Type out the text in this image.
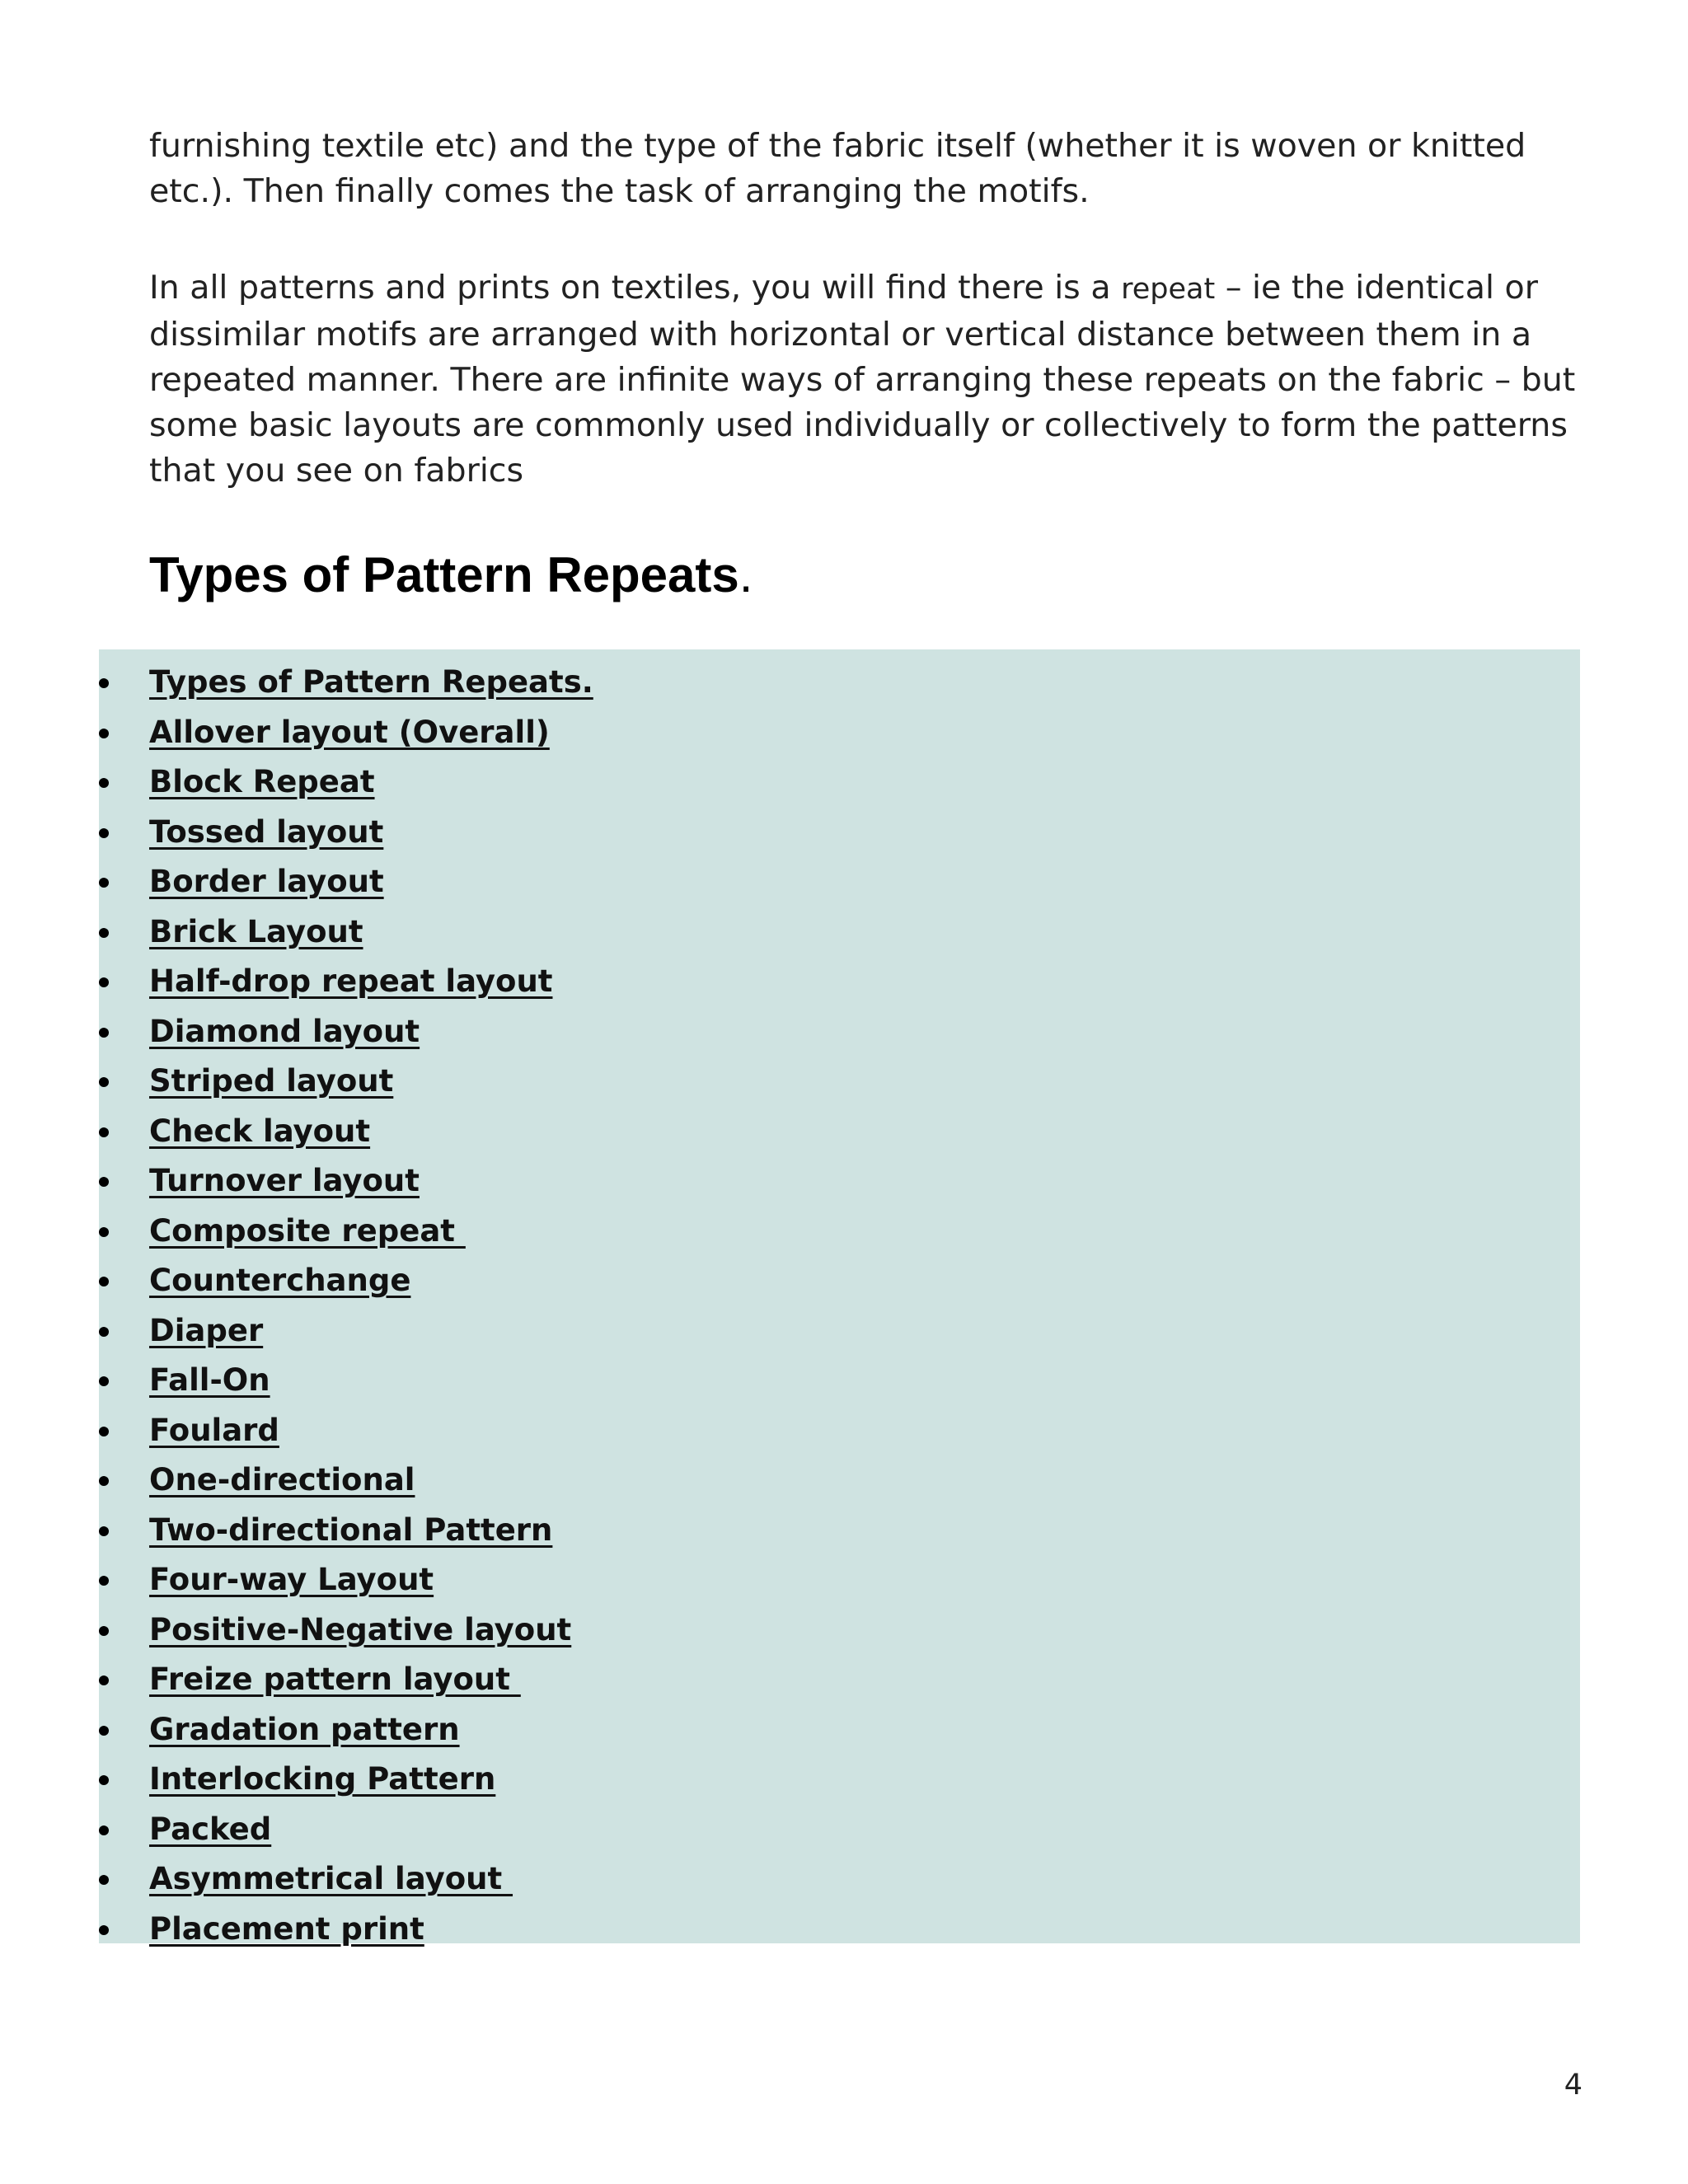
furnishing textile etc) and the type of the fabric itself (whether it is woven or knitted etc.). Then finally comes the task of arranging the motifs.

In all patterns and prints on textiles, you will find there is a repeat – ie the identical or dissimilar motifs are arranged with horizontal or vertical distance between them in a repeated manner. There are infinite ways of arranging these repeats on the fabric – but some basic layouts are commonly used individually or collectively to form the patterns that you see on fabrics

Types of Pattern Repeats.
Types of Pattern Repeats.
Allover layout (Overall)
Block Repeat
Tossed layout
Border layout
Brick Layout
Half-drop repeat layout
Diamond layout
Striped layout
Check layout
Turnover layout
Composite repeat
Counterchange
Diaper
Fall-On
Foulard
One-directional
Two-directional Pattern
Four-way Layout
Positive-Negative layout
Freize pattern layout
Gradation pattern
Interlocking Pattern
Packed
Asymmetrical layout
Placement print
4
